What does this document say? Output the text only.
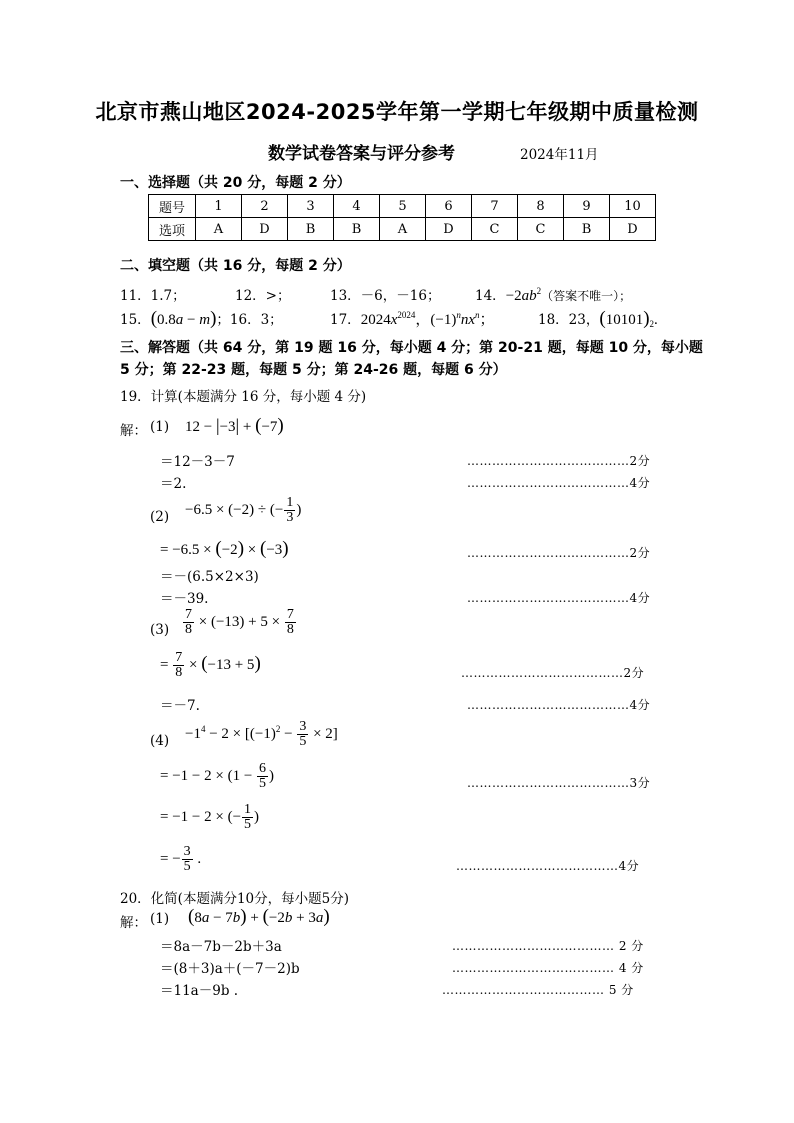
北京市燕山地区2024-2025学年第一学期七年级期中质量检测
数学试卷答案与评分参考	2024年11月
一、选择题（共 20 分，每题 2 分）
题号	1	2	3	4	5	6	7	8	9	10
选项	A	D	B	B	A	D	C	C	B	D
二、填空题（共 16 分，每题 2 分）
11．1.7；	12．>；	13．－6，－16；	14．$-2ab^2$（答案不唯一）；
15．(0.8a − m)；16．3；	17．$2024x^{2024}$，$(-1)^nnx^n$；	18．23，$(10101)_2$.
三、解答题（共 64 分，第 19 题 16 分，每小题 4 分；第 20-21 题，每题 10 分，每小题
5 分；第 22-23 题，每题 5 分；第 24-26 题，每题 6 分）
19．计算(本题满分 16 分，每小题 4 分)
解： (1) 12 − |−3| + (−7)
＝12－3－7	…………………………………2分
＝2.	…………………………………4分
(2) −6.5 × (−2) ÷ (− $\frac{1}{3}$ )
= −6.5 × (−2) × (−3)	…………………………………2分
＝－(6.5×2×3)
＝－39.	…………………………………4分
$(3) \frac{7}{8} \times (-13) + 5 \times \frac{7}{8}$
= $\frac{7}{8} \times (-13 + 5)$	…………………………………2分
＝－7.	…………………………………4分
$(4) -1^4 - 2 \times [(-1)^2 - \frac{3}{5} \times 2]$
= $-1 - 2 \times (1 - \frac{6}{5}$ )	…………………………………3分
= −1 − 2 × (− $\frac{1}{5}$ )
= − $\frac{3}{5}$ .	…………………………………4分
20．化简(本题满分10分，每小题5分)
解： (1) (8a − 7b) + (−2b + 3a)
＝8a－7b－2b＋3a	………………………………… 2 分
＝(8＋3)a＋(－7－2)b	………………………………… 4 分
＝11a－9b .	………………………………… 5 分
